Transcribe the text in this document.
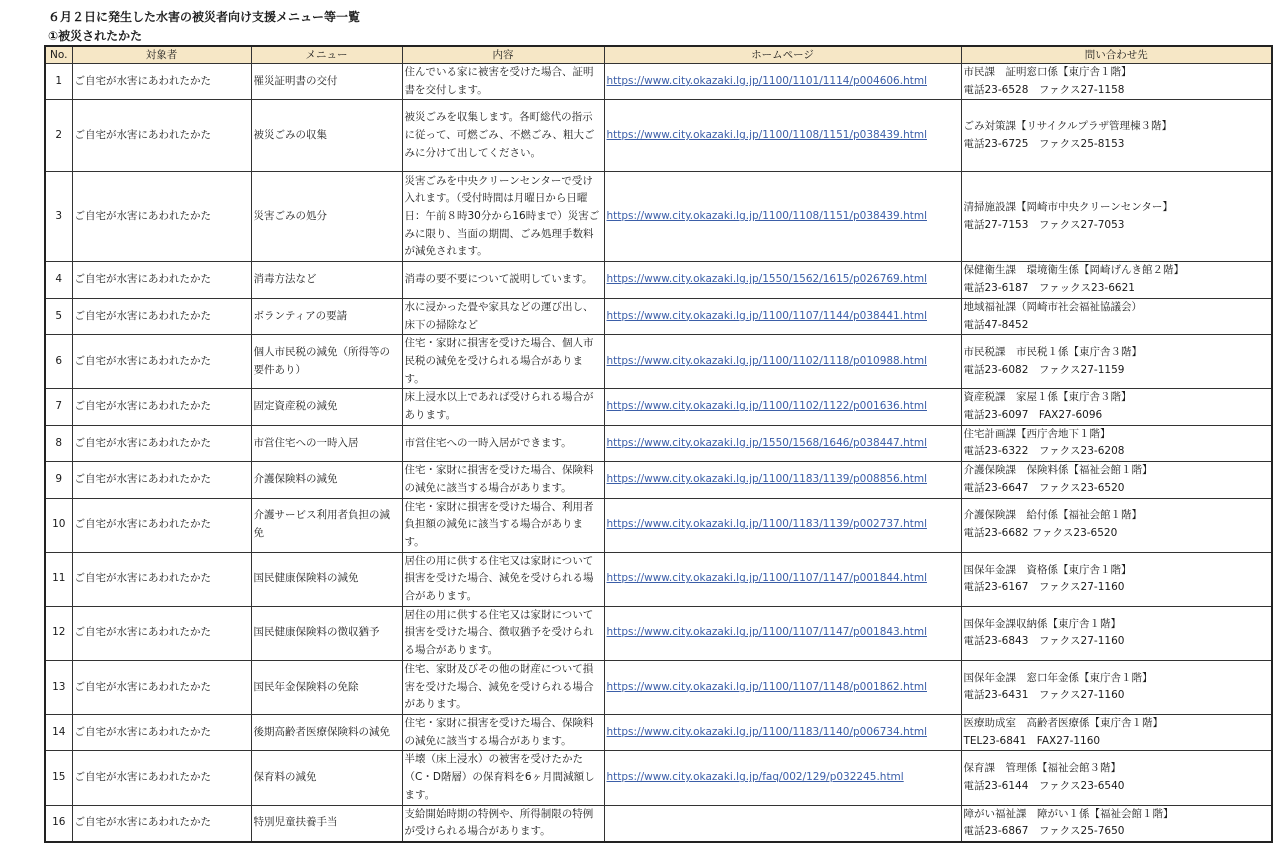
６月２日に発生した水害の被災者向け支援メニュー等一覧
①被災されたかた
No.	対象者	メニュー	内容	ホームページ	問い合わせ先
1	ご自宅が水害にあわれたかた	罹災証明書の交付	住んでいる家に被害を受けた場合、証明書を交付します。	https://www.city.okazaki.lg.jp/1100/1101/1114/p004606.html	市民課　証明窓口係【東庁舎１階】
電話23-6528　ファクス27-1158

2	ご自宅が水害にあわれたかた	被災ごみの収集	被災ごみを収集します。各町総代の指示に従って、可燃ごみ、不燃ごみ、粗大ごみに分けて出してください。	https://www.city.okazaki.lg.jp/1100/1108/1151/p038439.html	ごみ対策課【リサイクルプラザ管理棟３階】
電話23-6725　ファクス25-8153

3	ご自宅が水害にあわれたかた	災害ごみの処分	災害ごみを中央クリーンセンターで受け入れます。（受付時間は月曜日から日曜日：午前８時30分から16時まで）災害ごみに限り、当面の期間、ごみ処理手数料が減免されます。	https://www.city.okazaki.lg.jp/1100/1108/1151/p038439.html	清掃施設課【岡崎市中央クリーンセンター】
電話27-7153　ファクス27-7053

4	ご自宅が水害にあわれたかた	消毒方法など	消毒の要不要について説明しています。	https://www.city.okazaki.lg.jp/1550/1562/1615/p026769.html	保健衛生課　環境衛生係【岡崎げんき館２階】
電話23-6187　ファックス23-6621

5	ご自宅が水害にあわれたかた	ボランティアの要請	水に浸かった畳や家具などの運び出し、床下の掃除など	https://www.city.okazaki.lg.jp/1100/1107/1144/p038441.html	地域福祉課（岡崎市社会福祉協議会）
電話47-8452

6	ご自宅が水害にあわれたかた	個人市民税の減免（所得等の要件あり）	住宅・家財に損害を受けた場合、個人市民税の減免を受けられる場合があります。	https://www.city.okazaki.lg.jp/1100/1102/1118/p010988.html	市民税課　市民税１係【東庁舎３階】
電話23-6082　ファクス27-1159

7	ご自宅が水害にあわれたかた	固定資産税の減免	床上浸水以上であれば受けられる場合があります。	https://www.city.okazaki.lg.jp/1100/1102/1122/p001636.html	資産税課　家屋１係【東庁舎３階】
電話23-6097　FAX27-6096

8	ご自宅が水害にあわれたかた	市営住宅への一時入居	市営住宅への一時入居ができます。	https://www.city.okazaki.lg.jp/1550/1568/1646/p038447.html	住宅計画課【西庁舎地下１階】
電話23-6322　ファクス23-6208

9	ご自宅が水害にあわれたかた	介護保険料の減免	住宅・家財に損害を受けた場合、保険料の減免に該当する場合があります。	https://www.city.okazaki.lg.jp/1100/1183/1139/p008856.html	介護保険課　保険料係【福祉会館１階】
電話23-6647　ファクス23-6520

10	ご自宅が水害にあわれたかた	介護サービス利用者負担の減免	住宅・家財に損害を受けた場合、利用者負担額の減免に該当する場合があります。	https://www.city.okazaki.lg.jp/1100/1183/1139/p002737.html	介護保険課　給付係【福祉会館１階】
電話23-6682 ファクス23-6520

11	ご自宅が水害にあわれたかた	国民健康保険料の減免	居住の用に供する住宅又は家財について損害を受けた場合、減免を受けられる場合があります。	https://www.city.okazaki.lg.jp/1100/1107/1147/p001844.html	国保年金課　資格係【東庁舎１階】
電話23-6167　ファクス27-1160

12	ご自宅が水害にあわれたかた	国民健康保険料の徴収猶予	居住の用に供する住宅又は家財について損害を受けた場合、徴収猶予を受けられる場合があります。	https://www.city.okazaki.lg.jp/1100/1107/1147/p001843.html	国保年金課収納係【東庁舎１階】
電話23-6843　ファクス27-1160

13	ご自宅が水害にあわれたかた	国民年金保険料の免除	住宅、家財及びその他の財産について損害を受けた場合、減免を受けられる場合があります。	https://www.city.okazaki.lg.jp/1100/1107/1148/p001862.html	国保年金課　窓口年金係【東庁舎１階】
電話23-6431　ファクス27-1160

14	ご自宅が水害にあわれたかた	後期高齢者医療保険料の減免	住宅・家財に損害を受けた場合、保険料の減免に該当する場合があります。	https://www.city.okazaki.lg.jp/1100/1183/1140/p006734.html	医療助成室　高齢者医療係【東庁舎１階】
TEL23-6841　FAX27-1160

15	ご自宅が水害にあわれたかた	保育料の減免	半壊（床上浸水）の被害を受けたかた（C・D階層）の保育料を6ヶ月間減額します。	https://www.city.okazaki.lg.jp/faq/002/129/p032245.html	保育課　管理係【福祉会館３階】
電話23-6144　ファクス23-6540

16	ご自宅が水害にあわれたかた	特別児童扶養手当	支給開始時期の特例や、所得制限の特例が受けられる場合があります。		障がい福祉課　障がい１係【福祉会館１階】
電話23-6867　ファクス25-7650
